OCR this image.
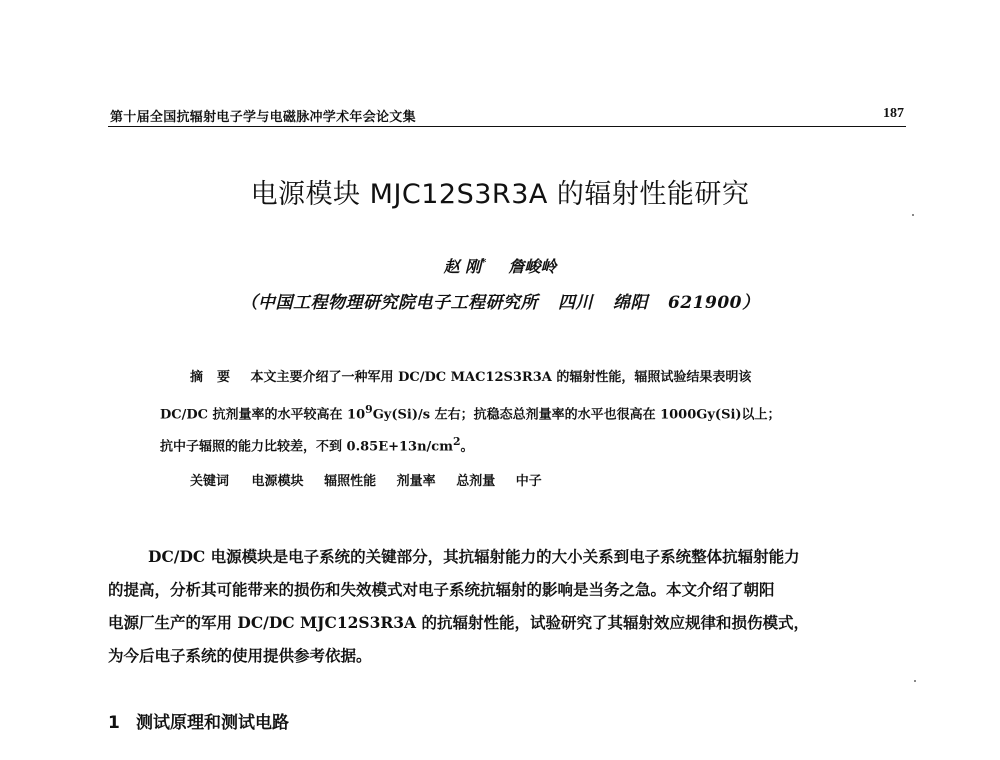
第十届全国抗辐射电子学与电磁脉冲学术年会论文集	187
电源模块 MJC12S3R3A 的辐射性能研究
赵 刚* 詹峻岭
（中国工程物理研究院电子工程研究所 四川 绵阳 621900）
摘要 本文主要介绍了一种军用 DC/DC MAC12S3R3A 的辐射性能，辐照试验结果表明该
DC/DC 抗剂量率的水平较高在 $10^9Gy(Si)/s$ 左右；抗稳态总剂量率的水平也很高在 1000Gy(Si)以上；
抗中子辐照的能力比较差，不到 $0.85E+13n/cm^2$。
关键词 电源模块 辐照性能 剂量率 总剂量 中子
DC/DC 电源模块是电子系统的关键部分，其抗辐射能力的大小关系到电子系统整体抗辐射能力
的提高，分析其可能带来的损伤和失效模式对电子系统抗辐射的影响是当务之急。本文介绍了朝阳
电源厂生产的军用 DC/DC MJC12S3R3A 的抗辐射性能，试验研究了其辐射效应规律和损伤模式，
为今后电子系统的使用提供参考依据。
1 测试原理和测试电路
